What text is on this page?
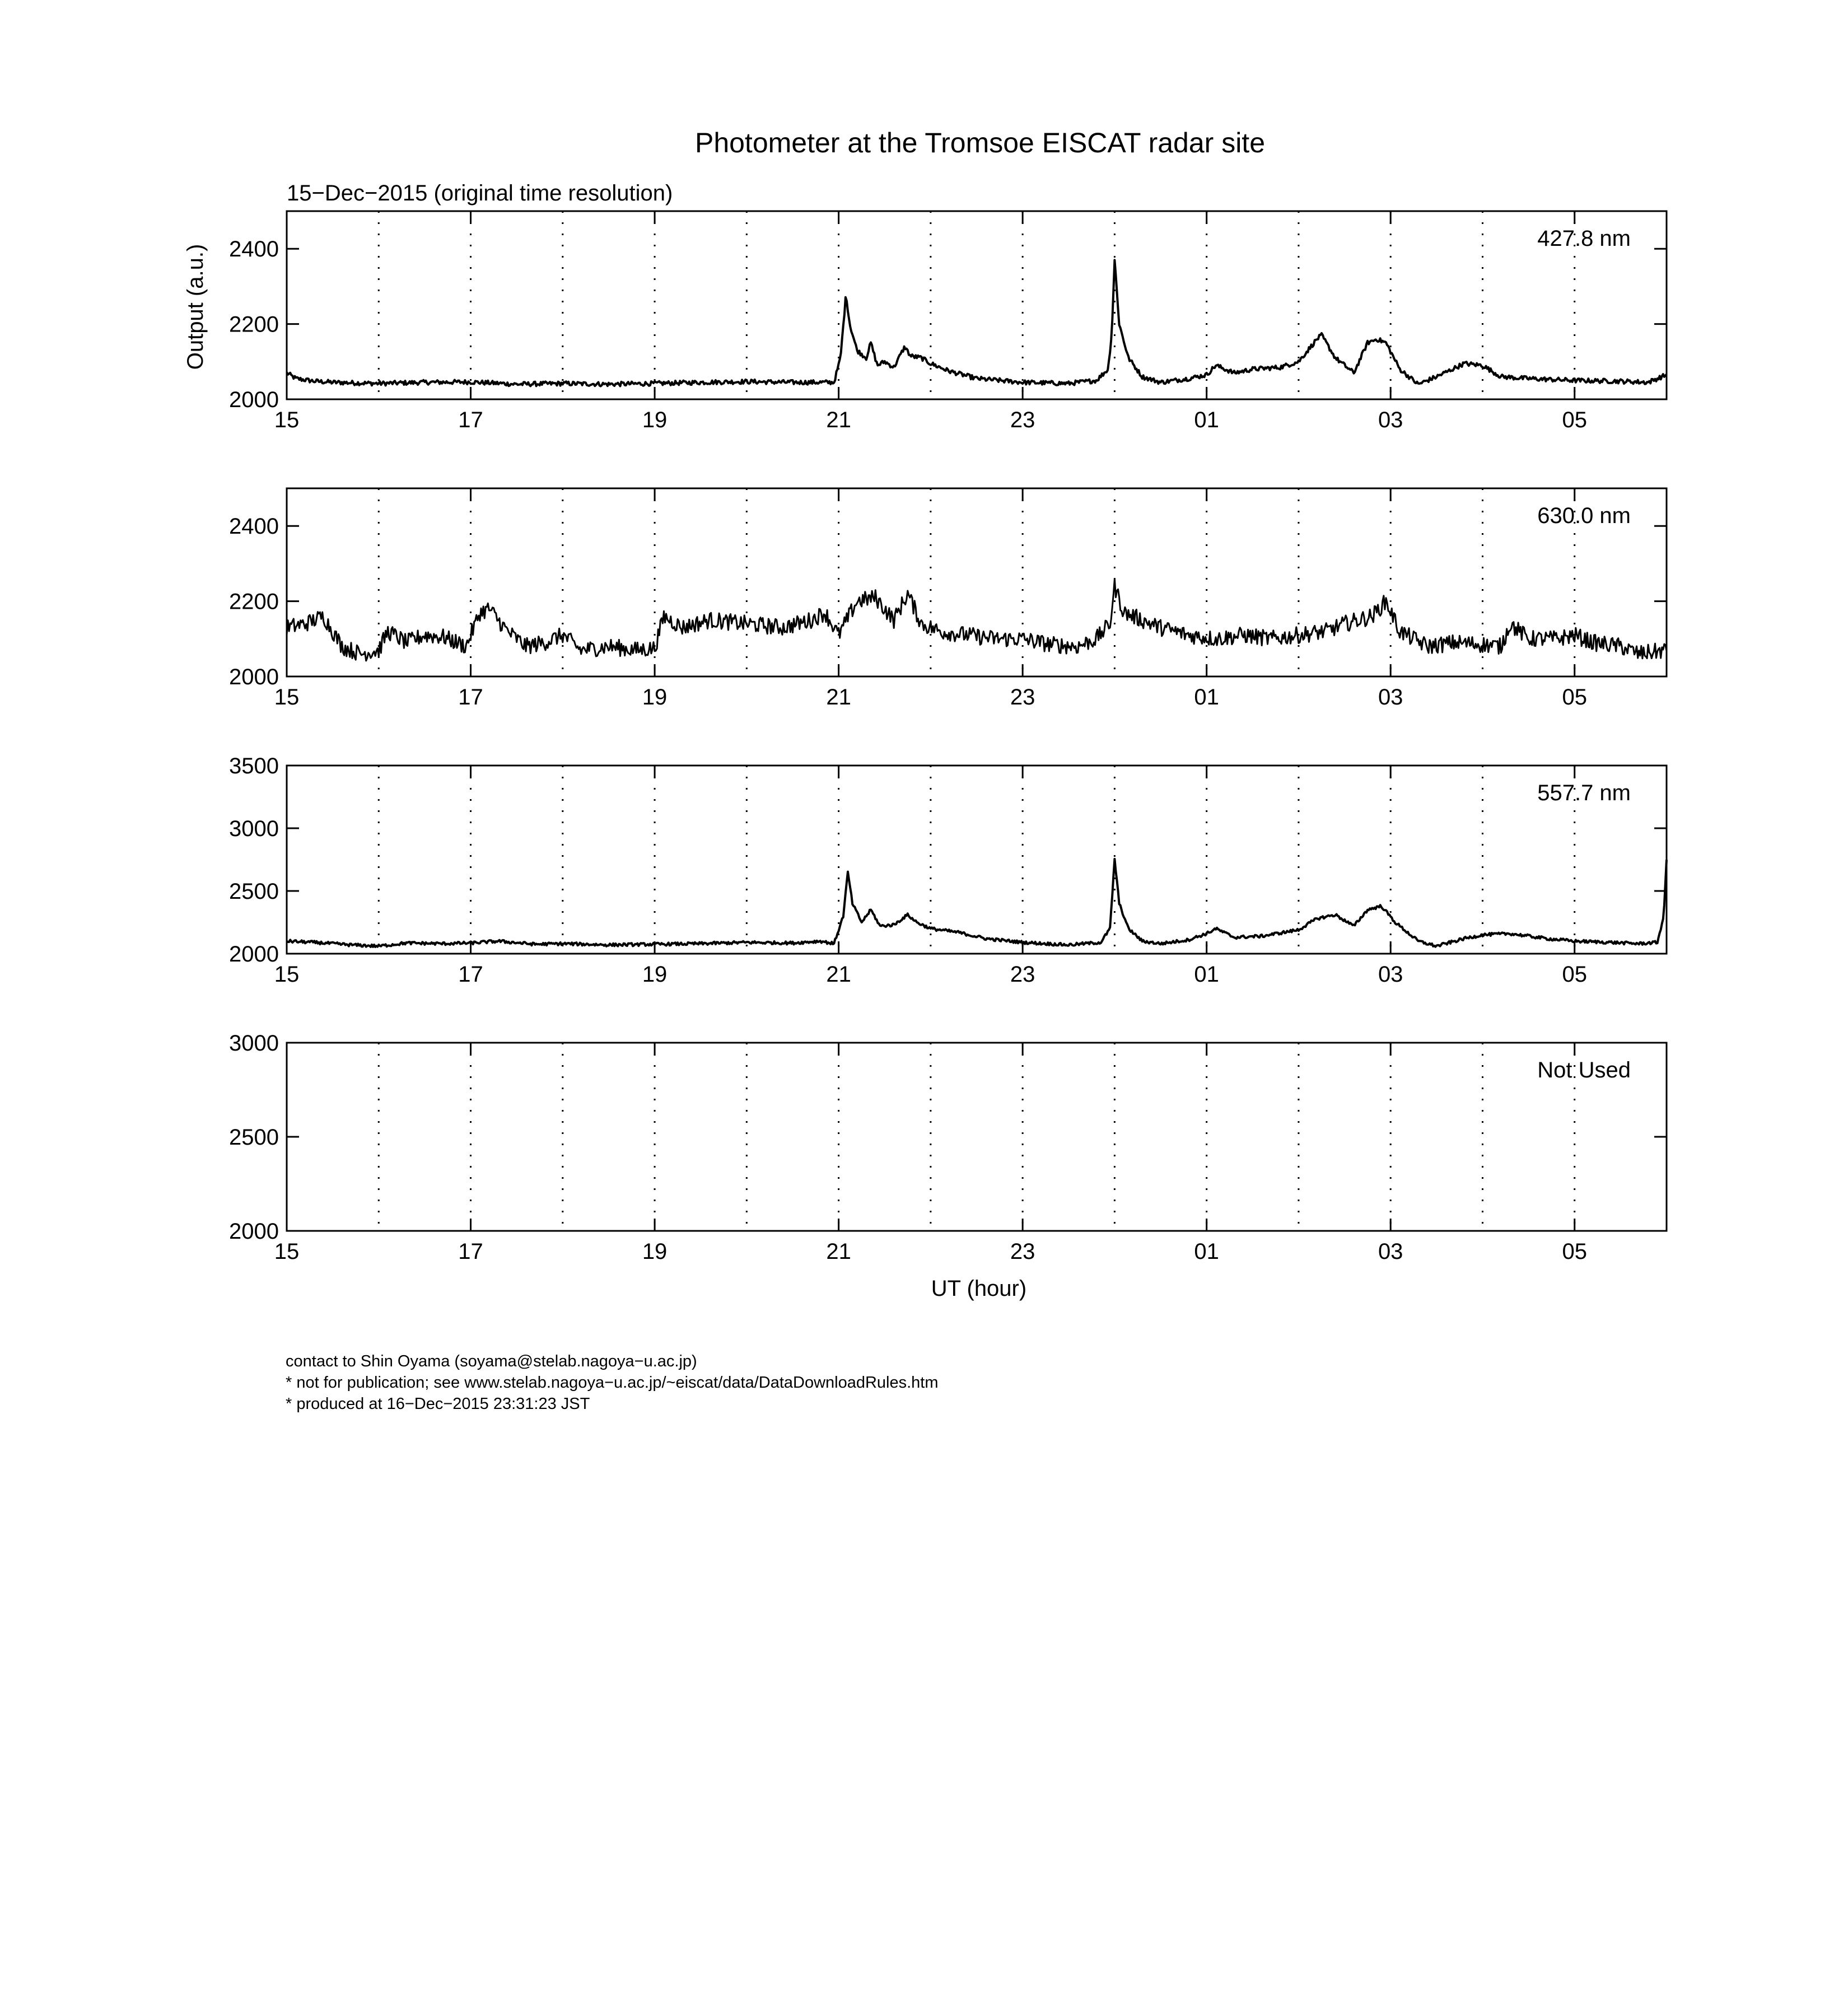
Photometer at the Tromsoe EISCAT radar site
15−Dec−2015 (original time resolution)
Output (a.u.)
UT (hour)
15	17	19	21	23	01	03	05
2000
2200
2400	427.8 nm
15	17	19	21	23	01	03	05
2000
2200
2400	630.0 nm
15	17	19	21	23	01	03	05
2000
2500
3000
3500
557.7 nm
15	17	19	21	23	01	03	05
2000
2500
3000
Not Used
contact to Shin Oyama (soyama@stelab.nagoya−u.ac.jp)
* not for publication; see www.stelab.nagoya−u.ac.jp/~eiscat/data/DataDownloadRules.htm
* produced at 16−Dec−2015 23:31:23 JST
